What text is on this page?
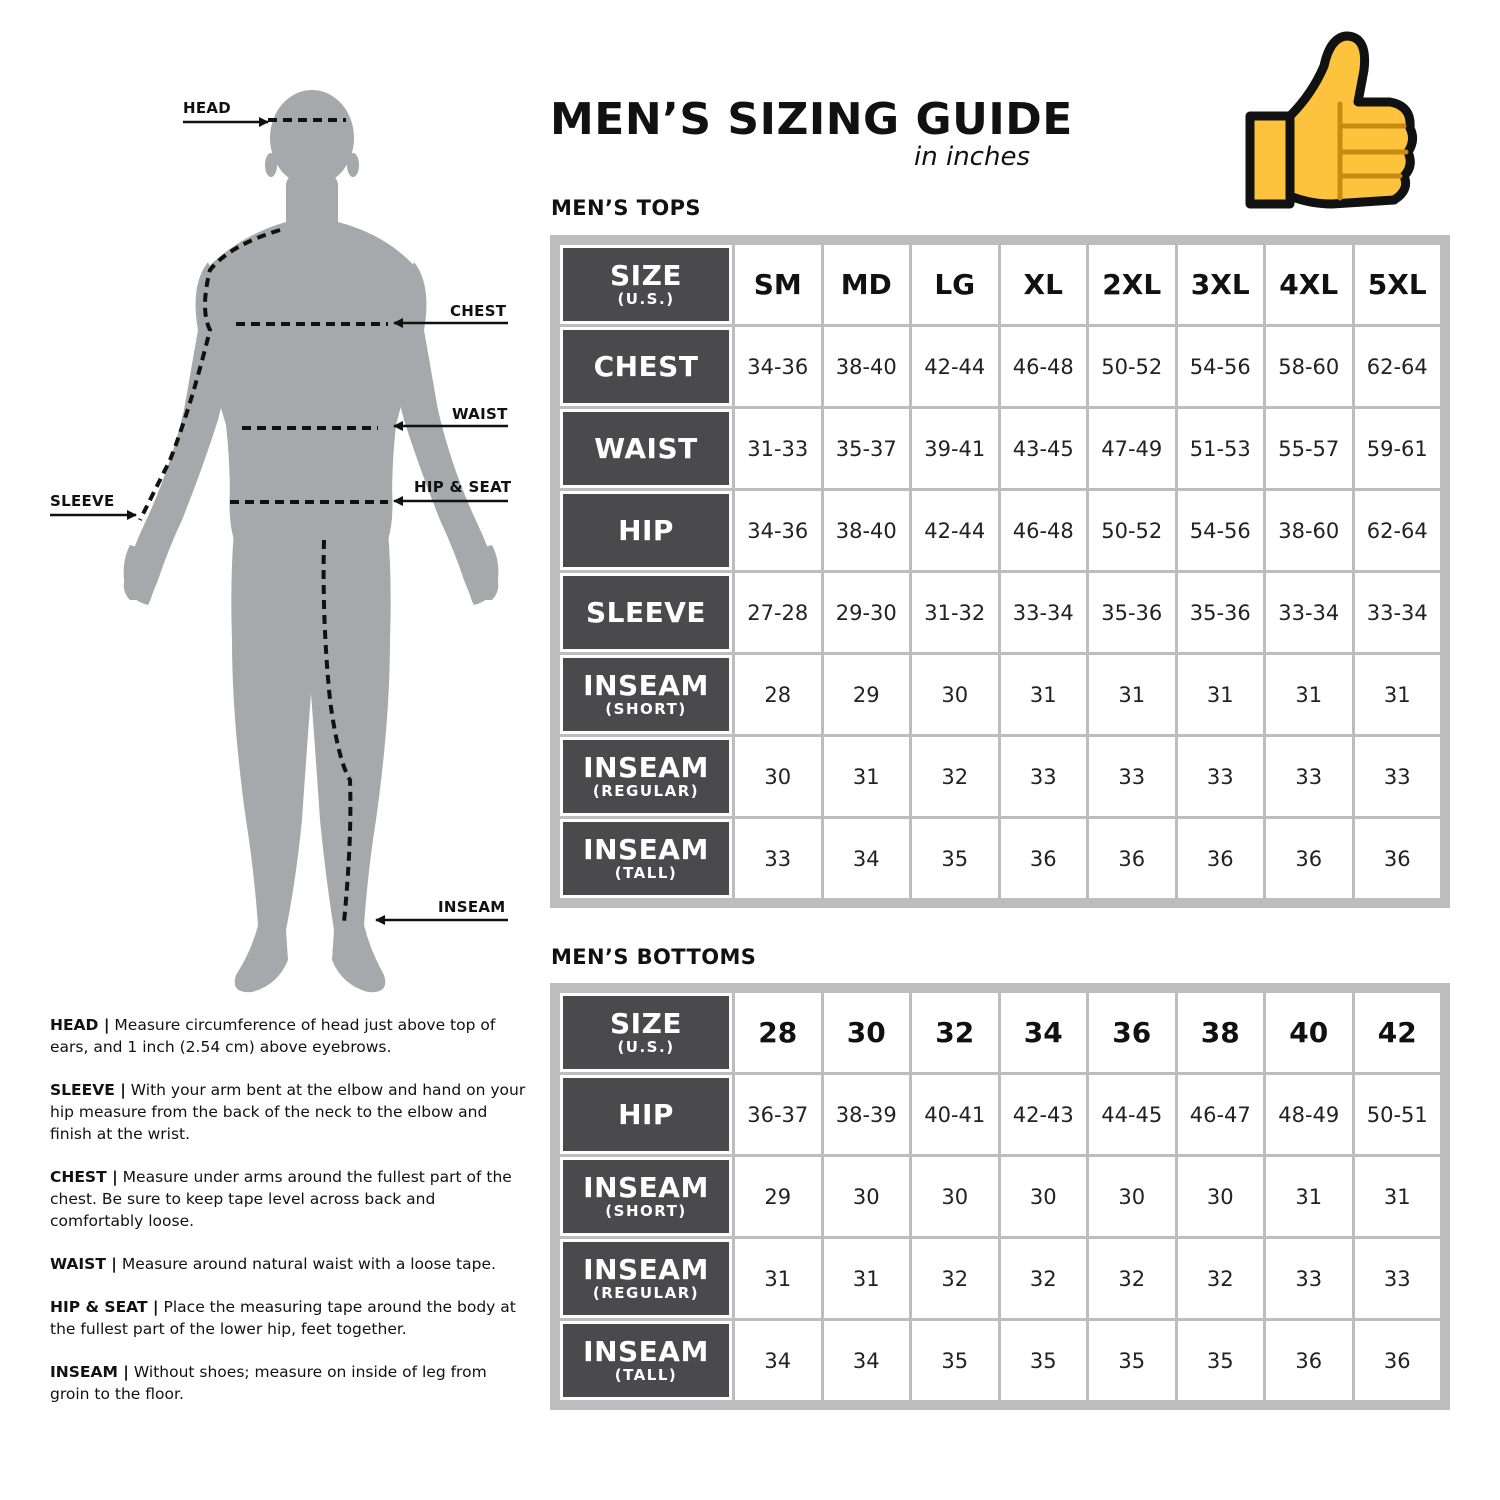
HEAD
CHEST
WAIST
HIP & SEAT
SLEEVE
INSEAM
MEN’S SIZING GUIDE
in inches
MEN’S TOPS
SIZE
(U.S.)	SM	MD	LG	XL	2XL	3XL	4XL	5XL
CHEST	34-36	38-40	42-44	46-48	50-52	54-56	58-60	62-64
WAIST	31-33	35-37	39-41	43-45	47-49	51-53	55-57	59-61
HIP	34-36	38-40	42-44	46-48	50-52	54-56	38-60	62-64
SLEEVE	27-28	29-30	31-32	33-34	35-36	35-36	33-34	33-34
INSEAM
(SHORT)
28	29	30	31	31	31	31	31
INSEAM
(REGULAR)
30	31	32	33	33	33	33	33
INSEAM
(TALL)
33	34	35	36	36	36	36	36
MEN’S BOTTOMS
SIZE
(U.S.)	28	30	32	34	36	38	40	42
HIP	36-37	38-39	40-41	42-43	44-45	46-47	48-49	50-51
INSEAM
(SHORT)
29	30	30	30	30	30	31	31
INSEAM
(REGULAR)
31	31	32	32	32	32	33	33
INSEAM
(TALL)
34	34	35	35	35	35	36	36

HEAD | Measure circumference of head just above top of ears, and 1 inch (2.54 cm) above eyebrows.

SLEEVE | With your arm bent at the elbow and hand on your hip measure from the back of the neck to the elbow and finish at the wrist.

CHEST | Measure under arms around the fullest part of the chest. Be sure to keep tape level across back and comfortably loose.

WAIST | Measure around natural waist with a loose tape.

HIP & SEAT | Place the measuring tape around the body at the fullest part of the lower hip, feet together.

INSEAM | Without shoes; measure on inside of leg from groin to the floor.
